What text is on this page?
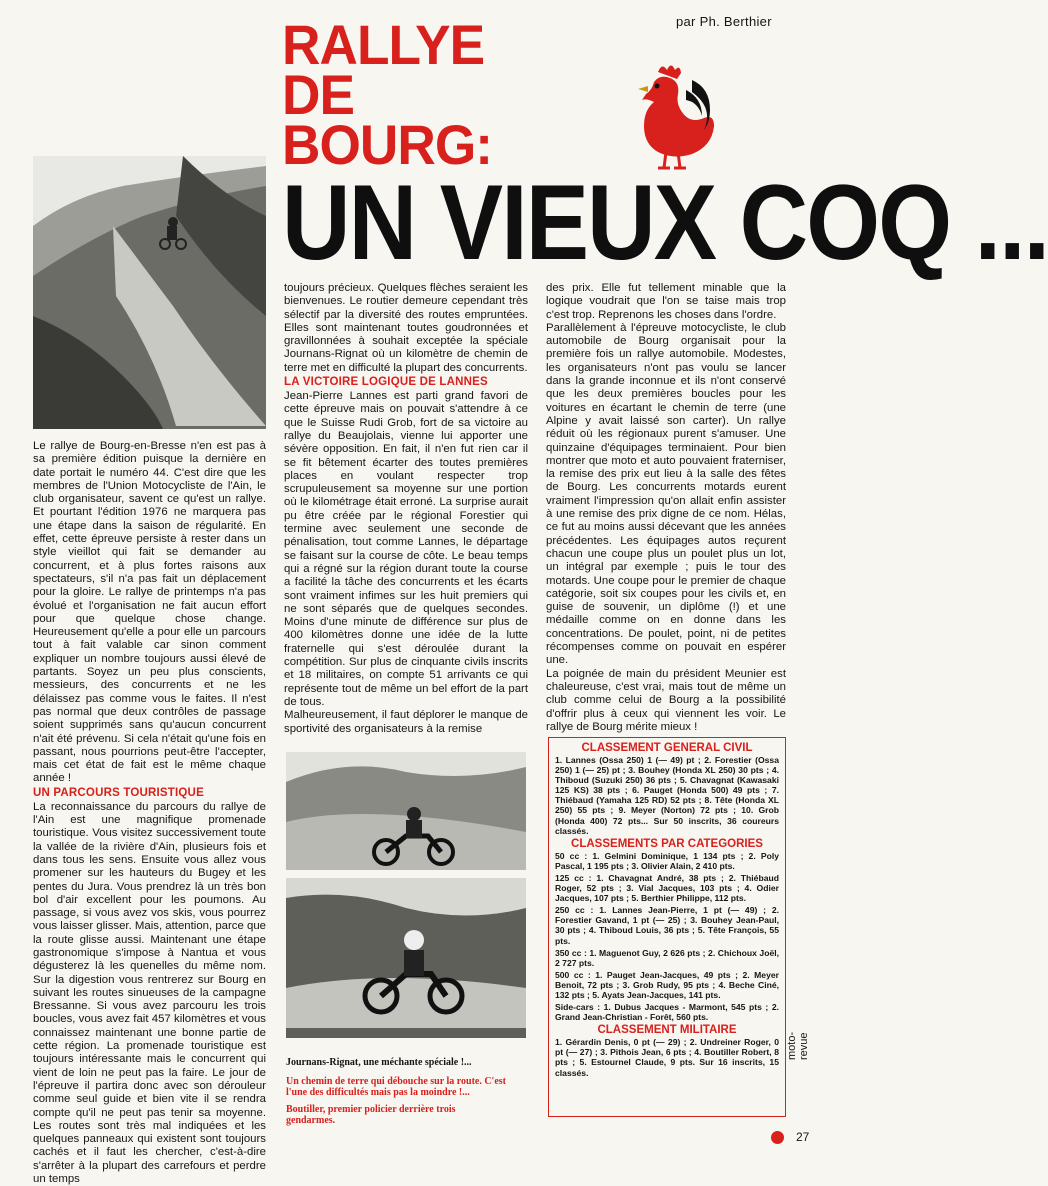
par Ph. Berthier
RALLYE DE
BOURG:
UN VIEUX COQ ...

Le rallye de Bourg-en-Bresse n'en est pas à sa première édition puisque la dernière en date portait le numéro 44. C'est dire que les membres de l'Union Motocycliste de l'Ain, le club organisateur, savent ce qu'est un rallye. Et pourtant l'édition 1976 ne marquera pas une étape dans la saison de régularité. En effet, cette épreuve persiste à rester dans un style vieillot qui fait se demander au concurrent, et à plus fortes raisons aux spectateurs, s'il n'a pas fait un déplacement pour la gloire. Le rallye de printemps n'a pas évolué et l'organisation ne fait aucun effort pour que quelque chose change. Heureusement qu'elle a pour elle un parcours tout à fait valable car sinon comment expliquer un nombre toujours aussi élevé de partants. Soyez un peu plus conscients, messieurs, des concurrents et ne les délaissez pas comme vous le faites. Il n'est pas normal que deux contrôles de passage soient supprimés sans qu'aucun concurrent n'ait été prévenu. Si cela n'était qu'une fois en passant, nous pourrions peut-être l'accepter, mais cet état de fait est le même chaque année !

UN PARCOURS TOURISTIQUE

La reconnaissance du parcours du rallye de l'Ain est une magnifique promenade touristique. Vous visitez successivement toute la vallée de la rivière d'Ain, plusieurs fois et dans tous les sens. Ensuite vous allez vous promener sur les hauteurs du Bugey et les pentes du Jura. Vous prendrez là un très bon bol d'air excellent pour les poumons. Au passage, si vous avez vos skis, vous pourrez vous laisser glisser. Mais, attention, parce que la route glisse aussi. Maintenant une étape gastronomique s'impose à Nantua et vous dégusterez là les quenelles du même nom. Sur la digestion vous rentrerez sur Bourg en suivant les routes sinueuses de la campagne Bressanne. Si vous avez parcouru les trois boucles, vous avez fait 457 kilomètres et vous connaissez maintenant une bonne partie de cette région. La promenade touristique est toujours intéressante mais le concurrent qui vient de loin ne peut pas la faire. Le jour de l'épreuve il partira donc avec son dérouleur comme seul guide et bien vite il se rendra compte qu'il ne peut pas tenir sa moyenne. Les routes sont très mal indiquées et les quelques panneaux qui existent sont toujours cachés et il faut les chercher, c'est-à-dire s'arrêter à la plupart des carrefours et perdre un temps

toujours précieux. Quelques flèches seraient les bienvenues. Le routier demeure cependant très sélectif par la diversité des routes empruntées. Elles sont maintenant toutes goudronnées et gravillonnées à souhait exceptée la spéciale Journans-Rignat où un kilomètre de chemin de terre met en difficulté la plupart des concurrents.

LA VICTOIRE LOGIQUE DE LANNES

Jean-Pierre Lannes est parti grand favori de cette épreuve mais on pouvait s'attendre à ce que le Suisse Rudi Grob, fort de sa victoire au rallye du Beaujolais, vienne lui apporter une sévère opposition. En fait, il n'en fut rien car il se fit bêtement écarter des toutes premières places en voulant respecter trop scrupuleusement sa moyenne sur une portion où le kilométrage était erroné. La surprise aurait pu être créée par le régional Forestier qui termine avec seulement une seconde de pénalisation, tout comme Lannes, le départage se faisant sur la course de côte. Le beau temps qui a régné sur la région durant toute la course a facilité la tâche des concurrents et les écarts sont vraiment infimes sur les huit premiers qui ne sont séparés que de quelques secondes. Moins d'une minute de différence sur plus de 400 kilomètres donne une idée de la lutte fraternelle qui s'est déroulée durant la compétition. Sur plus de cinquante civils inscrits et 18 militaires, on compte 51 arrivants ce qui représente tout de même un bel effort de la part de tous.

Malheureusement, il faut déplorer le manque de sportivité des organisateurs à la remise

des prix. Elle fut tellement minable que la logique voudrait que l'on se taise mais trop c'est trop. Reprenons les choses dans l'ordre.

Parallèlement à l'épreuve motocycliste, le club automobile de Bourg organisait pour la première fois un rallye automobile. Modestes, les organisateurs n'ont pas voulu se lancer dans la grande inconnue et ils n'ont conservé que les deux premières boucles pour les voitures en écartant le chemin de terre (une Alpine y avait laissé son carter). Un rallye réduit où les régionaux purent s'amuser. Une quinzaine d'équipages terminaient. Pour bien montrer que moto et auto pouvaient fraterniser, la remise des prix eut lieu à la salle des fêtes de Bourg. Les concurrents motards eurent vraiment l'impression qu'on allait enfin assister à une remise des prix digne de ce nom. Hélas, ce fut au moins aussi décevant que les années précédentes. Les équipages autos reçurent chacun une coupe plus un poulet plus un lot, un intégral par exemple ; puis le tour des motards. Une coupe pour le premier de chaque catégorie, soit six coupes pour les civils et, en guise de souvenir, un diplôme (!) et une médaille comme on en donne dans les concentrations. De poulet, point, ni de petites récompenses comme on pouvait en espérer une.

La poignée de main du président Meunier est chaleureuse, c'est vrai, mais tout de même un club comme celui de Bourg a la possibilité d'offrir plus à ceux qui viennent les voir. Le rallye de Bourg mérite mieux !

Journans-Rignat, une méchante spéciale !...
Un chemin de terre qui débouche sur la route. C'est l'une des difficultés mais pas la moindre !...
Boutiller, premier policier derrière trois gendarmes.
CLASSEMENT GENERAL CIVIL

1. Lannes (Ossa 250) 1 (— 49) pt ; 2. Forestier (Ossa 250) 1 (— 25) pt ; 3. Bouhey (Honda XL 250) 30 pts ; 4. Thiboud (Suzuki 250) 36 pts ; 5. Chavagnat (Kawasaki 125 KS) 38 pts ; 6. Pauget (Honda 500) 49 pts ; 7. Thiébaud (Yamaha 125 RD) 52 pts ; 8. Tête (Honda XL 250) 55 pts ; 9. Meyer (Norton) 72 pts ; 10. Grob (Honda 400) 72 pts... Sur 50 inscrits, 36 coureurs classés.

CLASSEMENTS PAR CATEGORIES

50 cc : 1. Gelmini Dominique, 1 134 pts ; 2. Poly Pascal, 1 195 pts ; 3. Olivier Alain, 2 410 pts.

125 cc : 1. Chavagnat André, 38 pts ; 2. Thiébaud Roger, 52 pts ; 3. Vial Jacques, 103 pts ; 4. Odier Jacques, 107 pts ; 5. Berthier Philippe, 112 pts.

250 cc : 1. Lannes Jean-Pierre, 1 pt (— 49) ; 2. Forestier Gavand, 1 pt (— 25) ; 3. Bouhey Jean-Paul, 30 pts ; 4. Thiboud Louis, 36 pts ; 5. Tête François, 55 pts.

350 cc : 1. Maguenot Guy, 2 626 pts ; 2. Chichoux Joël, 2 727 pts.

500 cc : 1. Pauget Jean-Jacques, 49 pts ; 2. Meyer Benoit, 72 pts ; 3. Grob Rudy, 95 pts ; 4. Beche Ciné, 132 pts ; 5. Ayats Jean-Jacques, 141 pts.

Side-cars : 1. Dubus Jacques - Marmont, 545 pts ; 2. Grand Jean-Christian - Forêt, 560 pts.

CLASSEMENT MILITAIRE

1. Gérardin Denis, 0 pt (— 29) ; 2. Undreiner Roger, 0 pt (— 27) ; 3. Pithois Jean, 6 pts ; 4. Boutiller Robert, 8 pts ; 5. Estournel Claude, 9 pts. Sur 16 inscrits, 15 classés.

moto-revue
27
